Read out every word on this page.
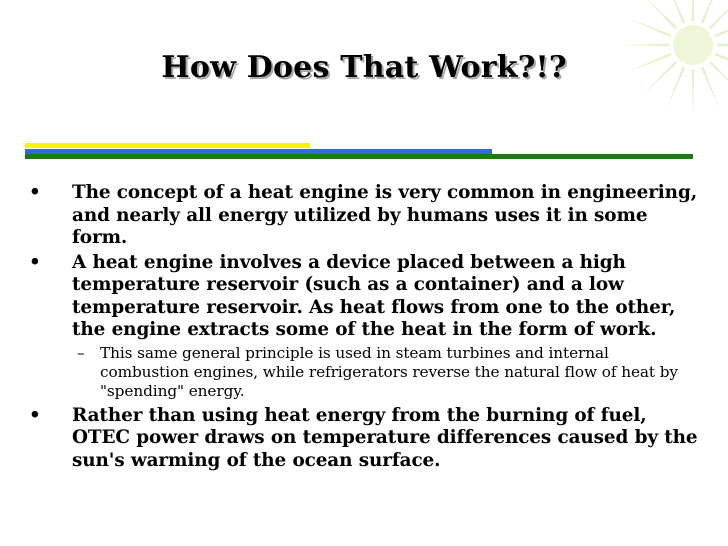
How Does That Work?!?
• The concept of a heat engine is very common in engineering, and nearly all energy utilized by humans uses it in some form.
• A heat engine involves a device placed between a high temperature reservoir (such as a container) and a low temperature reservoir. As heat flows from one to the other, the engine extracts some of the heat in the form of work.
– This same general principle is used in steam turbines and internal combustion engines, while refrigerators reverse the natural flow of heat by "spending" energy.
• Rather than using heat energy from the burning of fuel, OTEC power draws on temperature differences caused by the sun's warming of the ocean surface.
